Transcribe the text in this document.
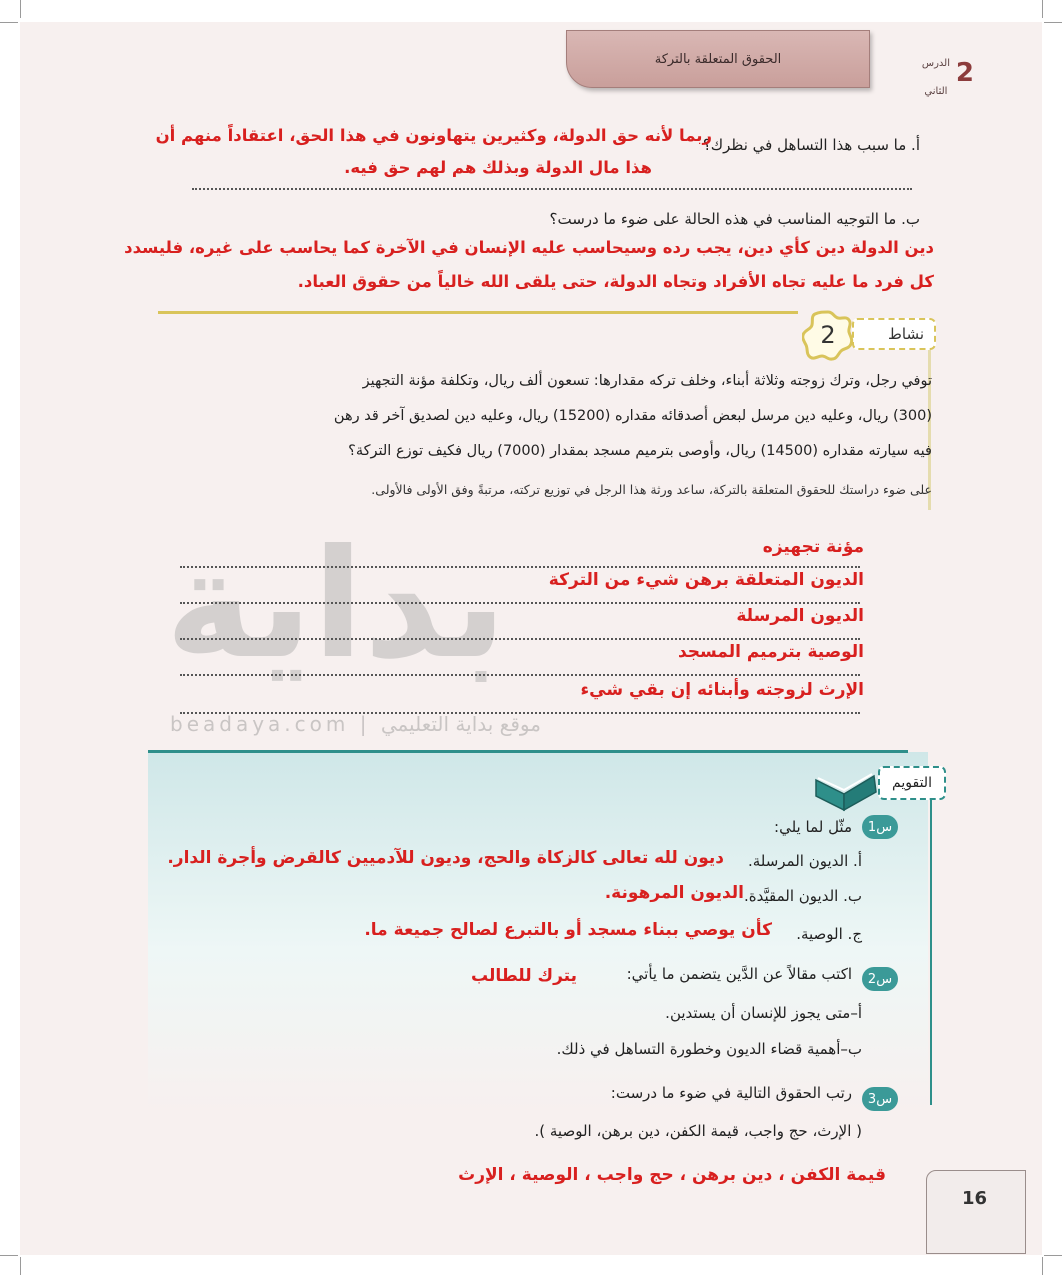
الحقوق المتعلقة بالتركة	الدرس
الثاني
2
بداية
beadaya.com | موقع بداية التعليمي
أ. ما سبب هذا التساهل في نظرك؟
ربما لأنه حق الدولة، وكثيرين يتهاونون في هذا الحق، اعتقاداً منهم أن
هذا مال الدولة وبذلك هم لهم حق فيه.
ب. ما التوجيه المناسب في هذه الحالة على ضوء ما درست؟
دين الدولة دين كأي دين، يجب رده وسيحاسب عليه الإنسان في الآخرة كما يحاسب على غيره، فليسدد
كل فرد ما عليه تجاه الأفراد وتجاه الدولة، حتى يلقى الله خالياً من حقوق العباد.
نشاط
2
توفي رجل، وترك زوجته وثلاثة أبناء، وخلف تركه مقدارها: تسعون ألف ريال، وتكلفة مؤنة التجهيز
(300) ريال، وعليه دين مرسل لبعض أصدقائه مقداره (15200) ريال، وعليه دين لصديق آخر قد رهن
فيه سيارته مقداره (14500) ريال، وأوصى بترميم مسجد بمقدار (7000) ريال فكيف توزع التركة؟
على ضوء دراستك للحقوق المتعلقة بالتركة، ساعد ورثة هذا الرجل في توزيع تركته، مرتبةً وفق الأولى فالأولى.
مؤنة تجهيزه
الديون المتعلقة برهن شيء من التركة
الديون المرسلة
الوصية بترميم المسجد
الإرث لزوجته وأبنائه إن بقي شيء
التقويم
س1
مثّل لما يلي:
أ. الديون المرسلة.
ديون لله تعالى كالزكاة والحج، وديون للآدميين كالقرض وأجرة الدار.
ب. الديون المقيَّدة.
الديون المرهونة.
ج. الوصية.
كأن يوصي ببناء مسجد أو بالتبرع لصالح جميعة ما.
س2
اكتب مقالاً عن الدَّين يتضمن ما يأتي:
يترك للطالب
أ–متى يجوز للإنسان أن يستدين.
ب–أهمية قضاء الديون وخطورة التساهل في ذلك.
س3
رتب الحقوق التالية في ضوء ما درست:
( الإرث، حج واجب، قيمة الكفن، دين برهن، الوصية ).
قيمة الكفن ، دين برهن ، حج واجب ، الوصية ، الإرث
16
